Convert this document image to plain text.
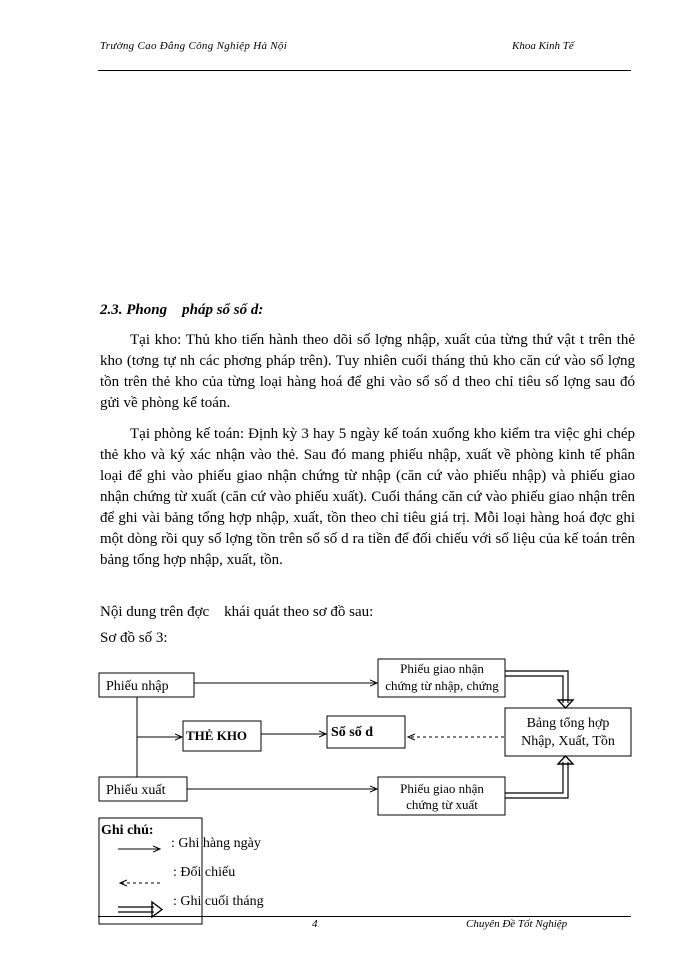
Trường Cao Đẳng Công Nghiệp Hà Nội	Khoa Kinh Tế
2.3. Phong    pháp sổ số d:

Tại kho: Thủ kho tiến hành theo dõi số lợng nhập, xuất của từng thứ vật t trên thẻ kho (tơng tự nh các phơng pháp trên). Tuy nhiên cuối tháng thủ kho căn cứ vào số lợng tồn trên thẻ kho của từng loại hàng hoá để ghi vào sổ số d theo chỉ tiêu số lợng sau đó gửi về phòng kế toán.

Tại phòng kế toán: Định kỳ 3 hay 5 ngày kế toán xuống kho kiểm tra việc ghi chép thẻ kho và ký xác nhận vào thẻ. Sau đó mang phiếu nhập, xuất về phòng kinh tế phân loại để ghi vào phiếu giao nhận chứng từ nhập (căn cứ vào phiếu nhập) và phiếu giao nhận chứng từ xuất (căn cứ vào phiếu xuất). Cuối tháng căn cứ vào phiếu giao nhận trên để ghi vài bảng tổng hợp nhập, xuất, tồn theo chỉ tiêu giá trị. Mỗi loại hàng hoá đợc ghi một dòng rồi quy số lợng tồn trên sổ số d ra tiền để đối chiếu với số liệu của kế toán trên bảng tổng hợp nhập, xuất, tồn.

Nội dung trên đợc    khái quát theo sơ đồ sau:
Sơ đồ số 3:
Phiếu nhập
Phiếu xuất
THẺ KHO	Sổ số d
Phiếu giao nhận
chứng từ nhập, chứng
Phiếu giao nhận
chứng từ xuất
Bảng tổng hợp
Nhập, Xuất, Tồn
Ghi chú:
: Ghi hàng ngày
: Đối chiếu
: Ghi cuối tháng
4	Chuyên Đề Tốt Nghiệp
